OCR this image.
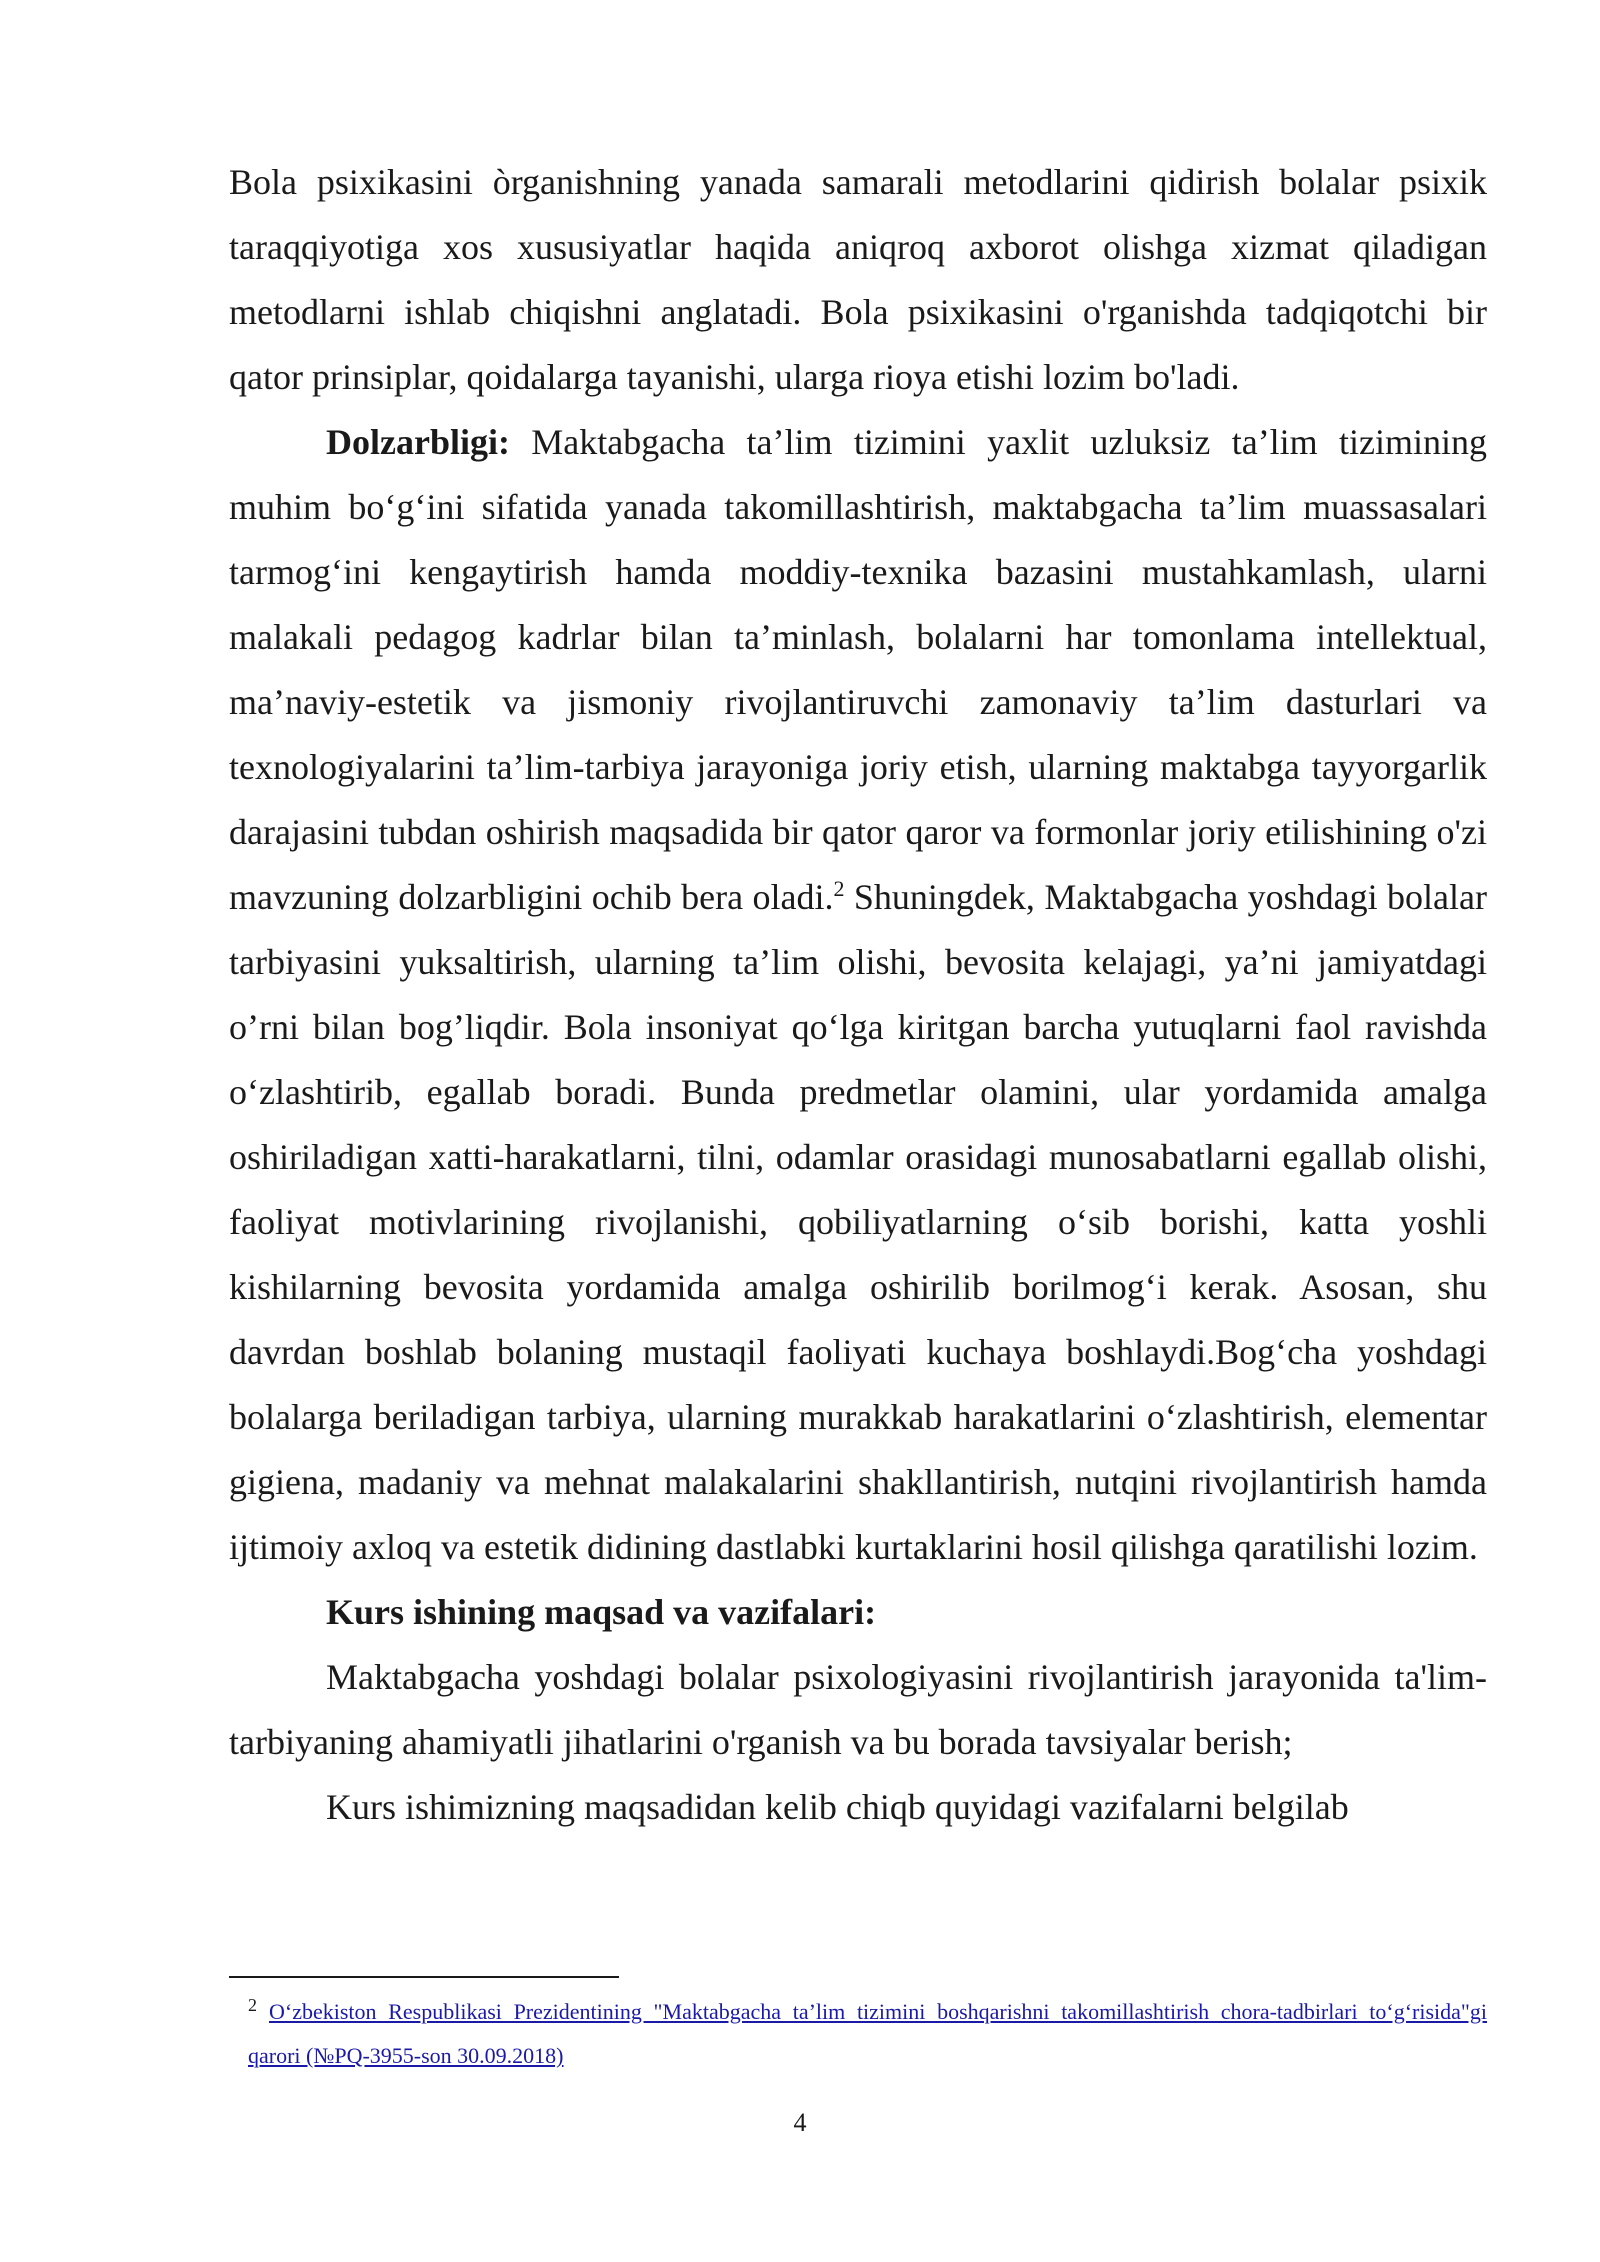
Bola psixikasini òrganishning yanada samarali metodlarini qidirish bolalar psixik taraqqiyotiga xos xususiyatlar haqida aniqroq axborot olishga xizmat qiladigan metodlarni ishlab chiqishni anglatadi. Bola psixikasini o'rganishda tadqiqotchi bir qator prinsiplar, qoidalarga tayanishi, ularga rioya etishi lozim bo'ladi.

Dolzarbligi: Maktabgacha ta’lim tizimini yaxlit uzluksiz ta’lim tizimining muhim bo‘g‘ini sifatida yanada takomillashtirish, maktabgacha ta’lim muassasalari tarmog‘ini kengaytirish hamda moddiy-texnika bazasini mustahkamlash, ularni malakali pedagog kadrlar bilan ta’minlash, bolalarni har tomonlama intellektual, ma’naviy-estetik va jismoniy rivojlantiruvchi zamonaviy ta’lim dasturlari va texnologiyalarini ta’lim-tarbiya jarayoniga joriy etish, ularning maktabga tayyorgarlik darajasini tubdan oshirish maqsadida bir qator qaror va formonlar joriy etilishining o'zi mavzuning dolzarbligini ochib bera oladi.$^2$ Shuningdek, Maktabgacha yoshdagi bolalar tarbiyasini yuksaltirish, ularning ta’lim olishi, bevosita kelajagi, ya’ni jamiyatdagi o’rni bilan bog’liqdir. Bola insoniyat qo‘lga kiritgan barcha yutuqlarni faol ravishda o‘zlashtirib, egallab boradi. Bunda predmetlar olamini, ular yordamida amalga oshiriladigan xatti-harakatlarni, tilni, odamlar orasidagi munosabatlarni egallab olishi, faoliyat motivlarining rivojlanishi, qobiliyatlarning o‘sib borishi, katta yoshli kishilarning bevosita yordamida amalga oshirilib borilmog‘i kerak. Asosan, shu davrdan boshlab bolaning mustaqil faoliyati kuchaya boshlaydi.Bog‘cha yoshdagi bolalarga beriladigan tarbiya, ularning murakkab harakatlarini o‘zlashtirish, elementar gigiena, madaniy va mehnat malakalarini shakllantirish, nutqini rivojlantirish hamda ijtimoiy axloq va estetik didining dastlabki kurtaklarini hosil qilishga qaratilishi lozim.

Kurs ishining maqsad va vazifalari:

Maktabgacha yoshdagi bolalar psixologiyasini rivojlantirish jarayonida ta'lim-tarbiyaning ahamiyatli jihatlarini o'rganish va bu borada tavsiyalar berish;

Kurs ishimizning maqsadidan kelib chiqb quyidagi vazifalarni belgilab

$^2$ O‘zbekiston Respublikasi Prezidentining "Maktabgacha ta’lim tizimini boshqarishni takomillashtirish chora-tadbirlari to‘g‘risida"gi qarori (№PQ-3955-son 30.09.2018)
4
